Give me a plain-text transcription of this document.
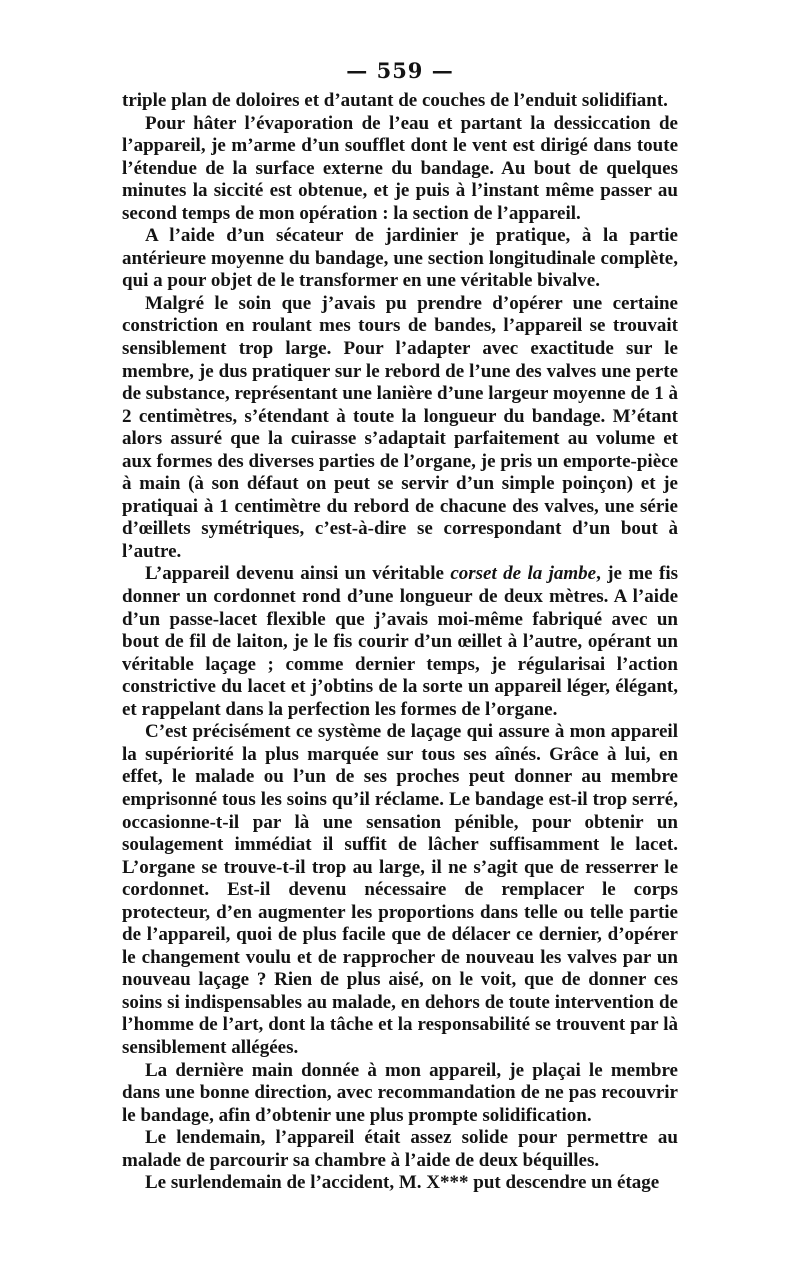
— 559 —

triple plan de doloires et d’autant de couches de l’enduit solidifiant.

Pour hâter l’évaporation de l’eau et partant la dessiccation de l’appareil, je m’arme d’un soufflet dont le vent est dirigé dans toute l’étendue de la surface externe du bandage. Au bout de quelques minutes la siccité est obtenue, et je puis à l’instant même passer au second temps de mon opération : la section de l’appareil.

A l’aide d’un sécateur de jardinier je pratique, à la partie antérieure moyenne du bandage, une section longitudinale complète, qui a pour objet de le transformer en une véritable bivalve.

Malgré le soin que j’avais pu prendre d’opérer une certaine constriction en roulant mes tours de bandes, l’appareil se trouvait sensiblement trop large. Pour l’adapter avec exactitude sur le membre, je dus pratiquer sur le rebord de l’une des valves une perte de substance, représentant une lanière d’une largeur moyenne de 1 à 2 centimètres, s’étendant à toute la longueur du bandage. M’étant alors assuré que la cuirasse s’adaptait parfaitement au volume et aux formes des diverses parties de l’organe, je pris un emporte-pièce à main (à son défaut on peut se servir d’un simple poinçon) et je pratiquai à 1 centimètre du rebord de chacune des valves, une série d’œillets symétriques, c’est-à-dire se correspondant d’un bout à l’autre.

L’appareil devenu ainsi un véritable corset de la jambe, je me fis donner un cordonnet rond d’une longueur de deux mètres. A l’aide d’un passe-lacet flexible que j’avais moi-même fabriqué avec un bout de fil de laiton, je le fis courir d’un œillet à l’autre, opérant un véritable laçage ; comme dernier temps, je régularisai l’action constrictive du lacet et j’obtins de la sorte un appareil léger, élégant, et rappelant dans la perfection les formes de l’organe.

C’est précisément ce système de laçage qui assure à mon appareil la supériorité la plus marquée sur tous ses aînés. Grâce à lui, en effet, le malade ou l’un de ses proches peut donner au membre emprisonné tous les soins qu’il réclame. Le bandage est-il trop serré, occasionne-t-il par là une sensation pénible, pour obtenir un soulagement immédiat il suffit de lâcher suffisamment le lacet. L’organe se trouve-t-il trop au large, il ne s’agit que de resserrer le cordonnet. Est-il devenu nécessaire de remplacer le corps protecteur, d’en augmenter les proportions dans telle ou telle partie de l’appareil, quoi de plus facile que de délacer ce dernier, d’opérer le changement voulu et de rapprocher de nouveau les valves par un nouveau laçage ? Rien de plus aisé, on le voit, que de donner ces soins si indispensables au malade, en dehors de toute intervention de l’homme de l’art, dont la tâche et la responsabilité se trouvent par là sensiblement allégées.

La dernière main donnée à mon appareil, je plaçai le membre dans une bonne direction, avec recommandation de ne pas recouvrir le bandage, afin d’obtenir une plus prompte solidification.

Le lendemain, l’appareil était assez solide pour permettre au malade de parcourir sa chambre à l’aide de deux béquilles.

Le surlendemain de l’accident, M. X*** put descendre un étage
